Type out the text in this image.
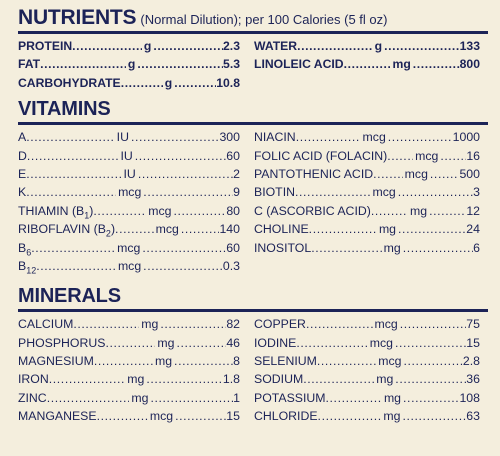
NUTRIENTS (Normal Dilution); per 100 Calories (5 fl oz)
PROTEIN .....	g .....	2.3
FAT .....	g .....	5.3
CARBOHYDRATE .....	g .....	10.8
WATER .....	g .....	133
LINOLEIC ACID .....	mg .....	800
VITAMINS
A .....	IU .....	300
D .....	IU .....	60
E .....	IU .....	2
K .....	mcg .....	9
THIAMIN $(B_1)$ .....	mcg .....	80
RIBOFLAVIN $(B_2)$ .....	mcg .....	140
$B_6$ .....	mcg .....	60
$B_{12}$ .....	mcg .....	0.3
NIACIN .....	mcg .....	1000
FOLIC ACID (FOLACIN) ..... mcg ..... 16
PANTOTHENIC ACID .....	mcg .....	500
BIOTIN .....	mcg .....	3
C (ASCORBIC ACID) .....	mg .....	12
CHOLINE .....	mg .....	24
INOSITOL .....	mg .....	6
MINERALS
CALCIUM .....	mg .....	82
PHOSPHORUS .....	mg .....	46
MAGNESIUM .....	mg .....	8
IRON .....	mg .....	1.8
ZINC .....	mg .....	1
MANGANESE .....	mcg .....	15
COPPER .....	mcg .....	75
IODINE .....	mcg .....	15
SELENIUM .....	mcg .....	2.8
SODIUM .....	mg .....	36
POTASSIUM .....	mg .....	108
CHLORIDE .....	mg .....	63
